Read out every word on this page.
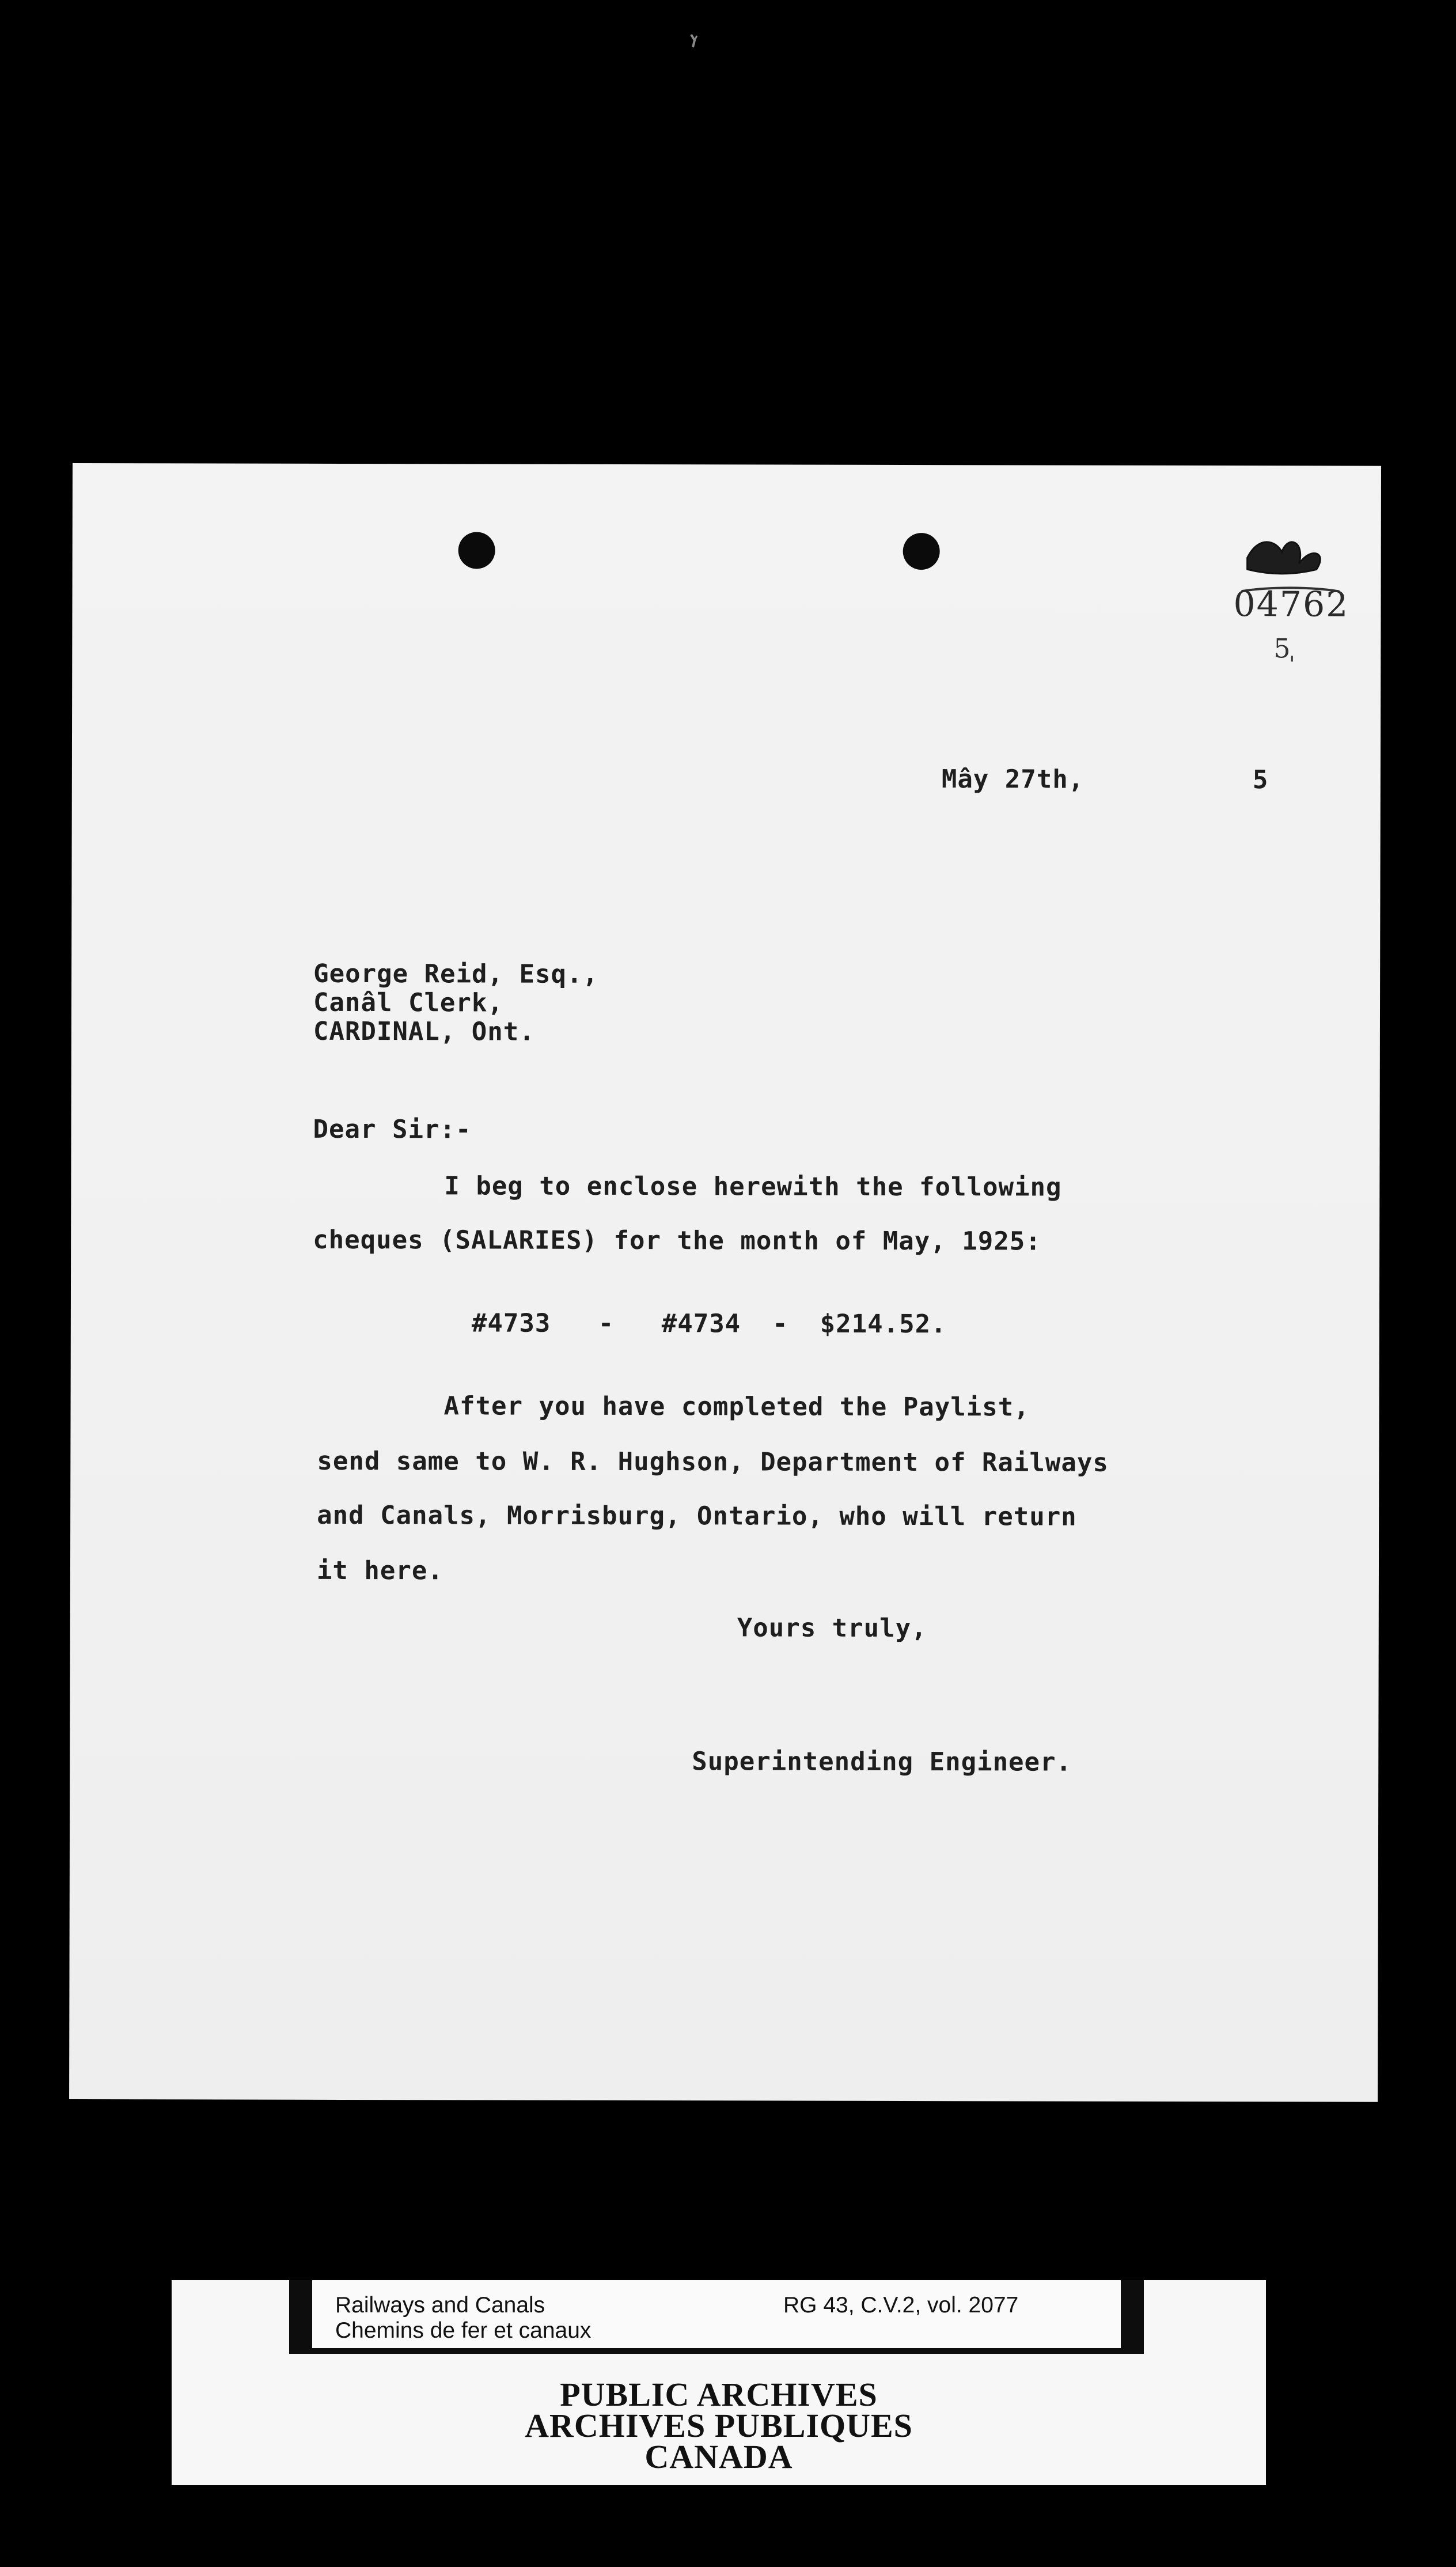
04762
5
Mây 27th,	5
George Reid, Esq.,
Canâl Clerk,
CARDINAL, Ont.
Dear Sir:-
I beg to enclose herewith the following
cheques (SALARIES) for the month of May, 1925:
#4733   -   #4734  -  $214.52.
After you have completed the Paylist,
send same to W. R. Hughson, Department of Railways
and Canals, Morrisburg, Ontario, who will return
it here.
Yours truly,
Superintending Engineer.
Railways and Canals
Chemins de fer et canaux
RG 43, C.V.2, vol. 2077
PUBLIC ARCHIVES
ARCHIVES PUBLIQUES
CANADA
